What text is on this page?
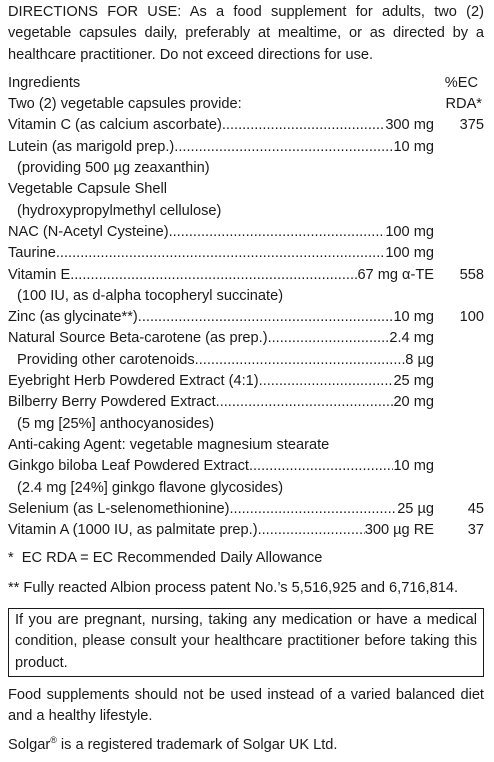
DIRECTIONS FOR USE: As a food supplement for adults, two (2) vegetable capsules daily, preferably at mealtime, or as directed by a healthcare practitioner. Do not exceed directions for use.
Ingredients	%EC
Two (2) vegetable capsules provide:	RDA*
Vitamin C (as calcium ascorbate) .....	300 mg	375
Lutein (as marigold prep.) .....	10 mg
(providing 500 µg zeaxanthin)
Vegetable Capsule Shell
(hydroxypropylmethyl cellulose)
NAC (N-Acetyl Cysteine) .....	100 mg
Taurine .....	100 mg
Vitamin E .....	67 mg α-TE	558
(100 IU, as d-alpha tocopheryl succinate)
Zinc (as glycinate**) .....	10 mg	100
Natural Source Beta-carotene (as prep.) .....	2.4 mg
Providing other carotenoids .....	8 µg
Eyebright Herb Powdered Extract (4:1) .....	25 mg
Bilberry Berry Powdered Extract .....	20 mg
(5 mg [25%] anthocyanosides)
Anti-caking Agent: vegetable magnesium stearate
Ginkgo biloba Leaf Powdered Extract .....	10 mg
(2.4 mg [24%] ginkgo flavone glycosides)
Selenium (as L-selenomethionine) .....	25 µg	45
Vitamin A (1000 IU, as palmitate prep.) .....	300 µg RE	37
*  EC RDA = EC Recommended Daily Allowance
** Fully reacted Albion process patent No.’s 5,516,925 and 6,716,814.
If you are pregnant, nursing, taking any medication or have a medical condition, please consult your healthcare practitioner before taking this product.
Food supplements should not be used instead of a varied balanced diet and a healthy lifestyle.
Solgar® is a registered trademark of Solgar UK Ltd.
